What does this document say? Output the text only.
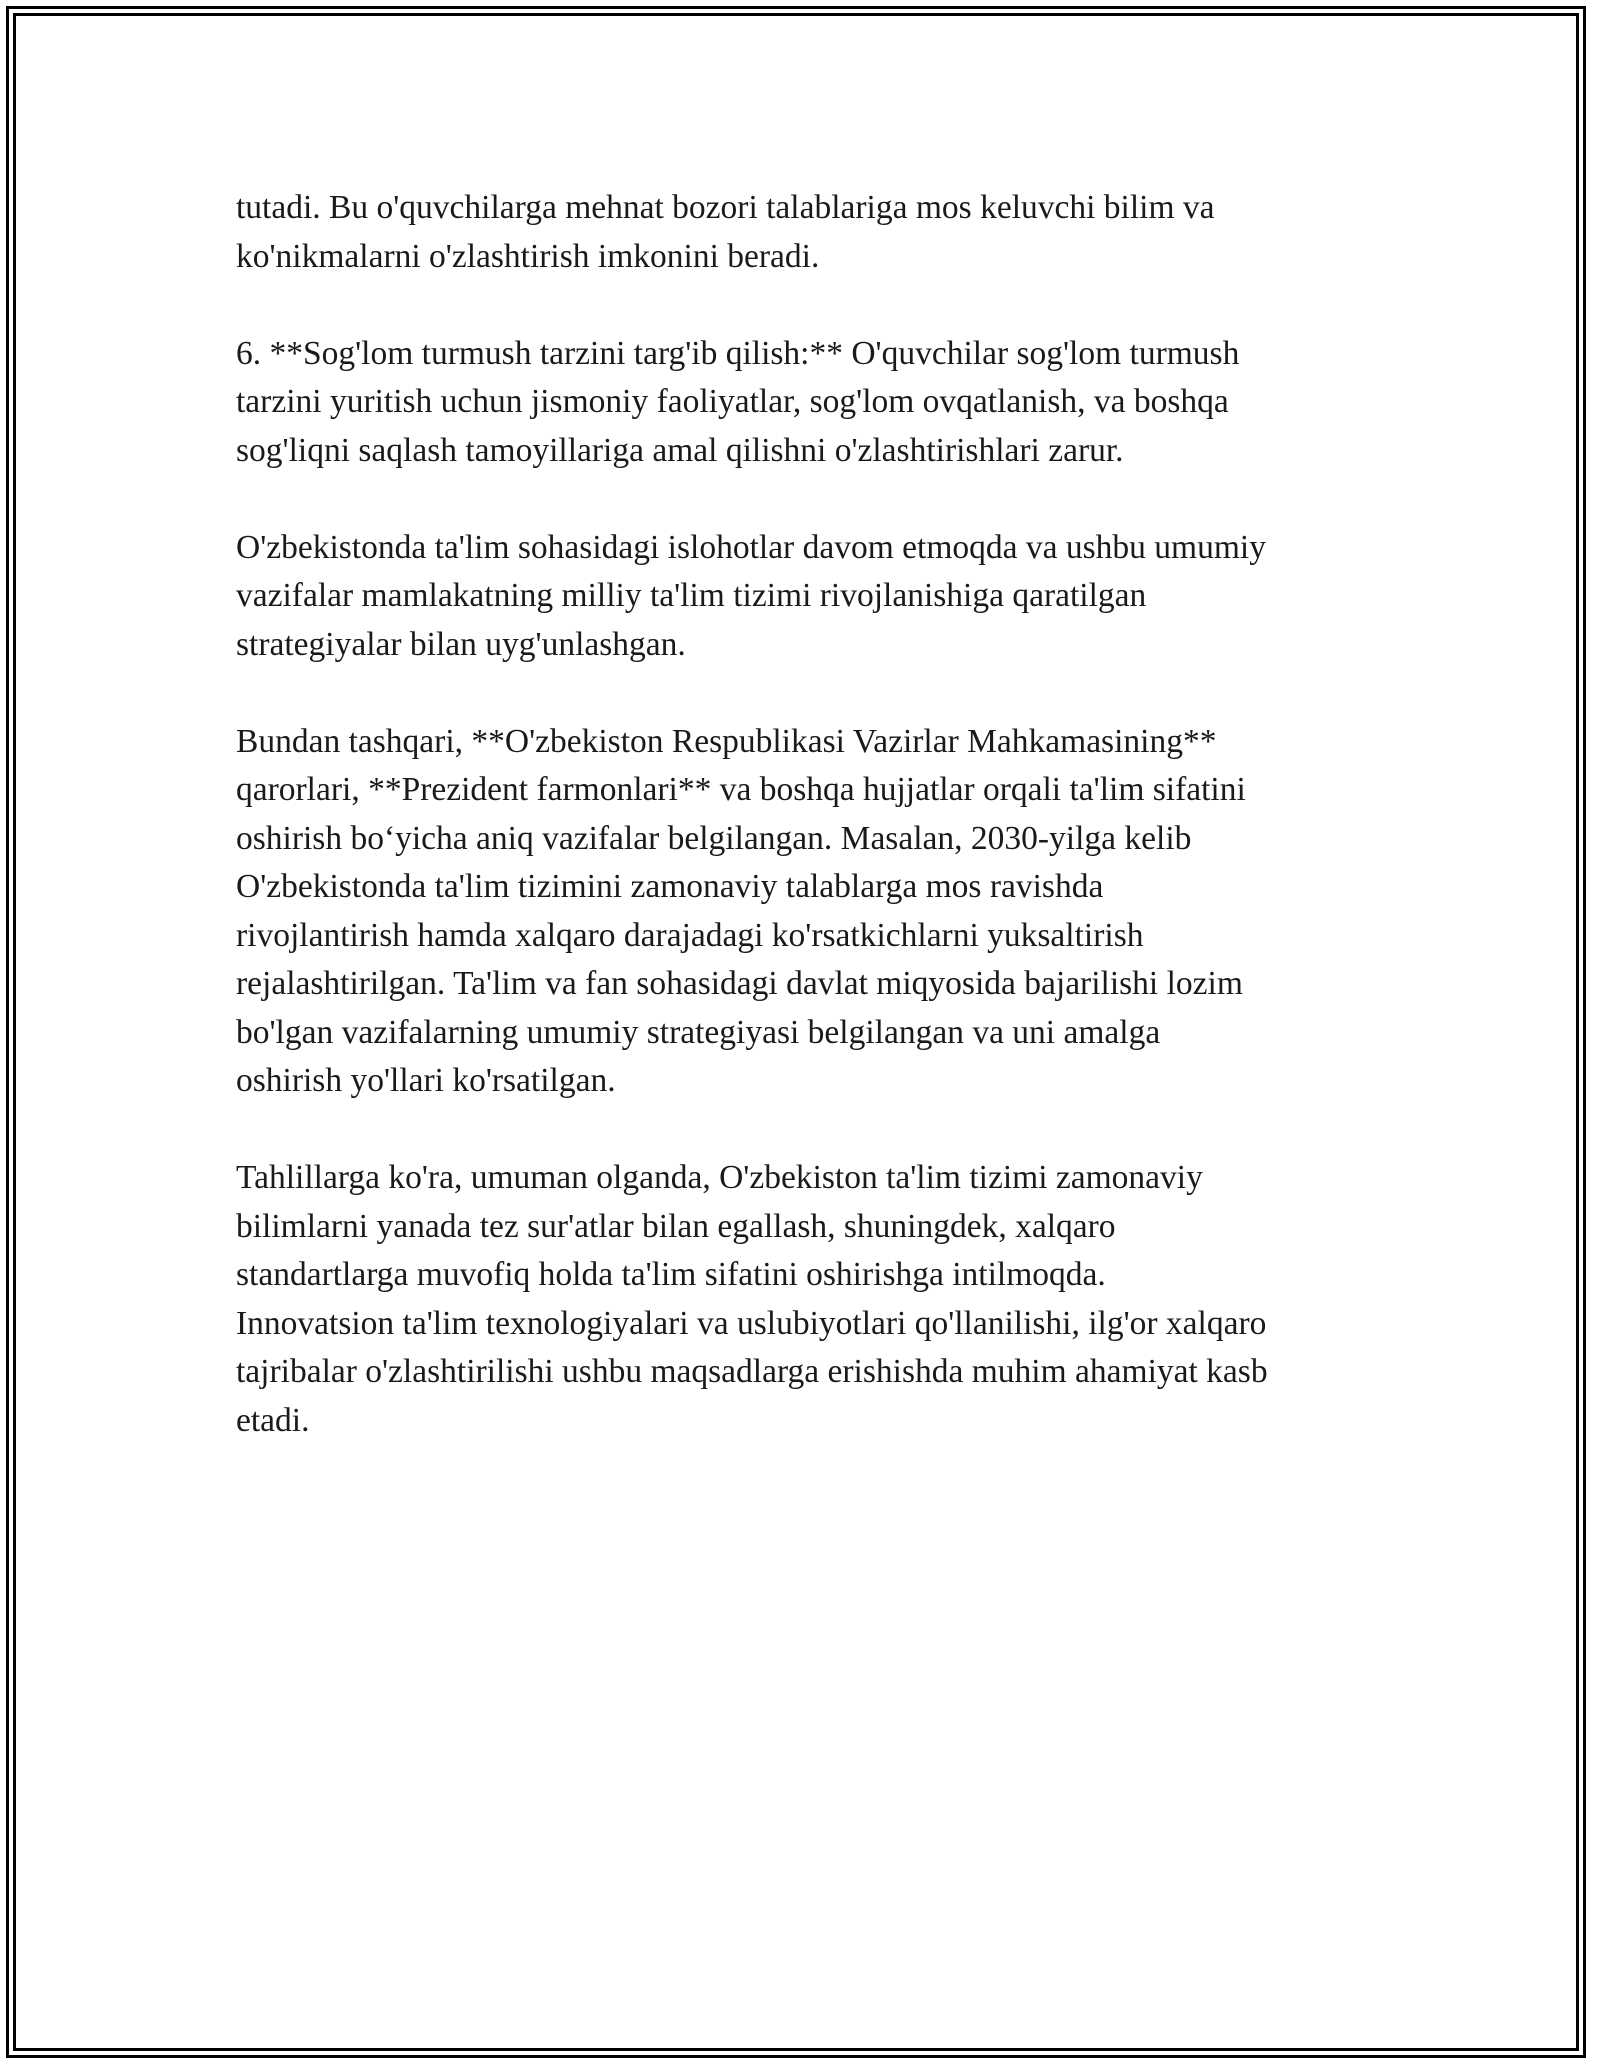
tutadi. Bu o'quvchilarga mehnat bozori talablariga mos keluvchi bilim va
ko'nikmalarni o'zlashtirish imkonini beradi.

6. **Sog'lom turmush tarzini targ'ib qilish:** O'quvchilar sog'lom turmush
tarzini yuritish uchun jismoniy faoliyatlar, sog'lom ovqatlanish, va boshqa
sog'liqni saqlash tamoyillariga amal qilishni o'zlashtirishlari zarur.

O'zbekistonda ta'lim sohasidagi islohotlar davom etmoqda va ushbu umumiy
vazifalar mamlakatning milliy ta'lim tizimi rivojlanishiga qaratilgan
strategiyalar bilan uyg'unlashgan.

Bundan tashqari, **O'zbekiston Respublikasi Vazirlar Mahkamasining**
qarorlari, **Prezident farmonlari** va boshqa hujjatlar orqali ta'lim sifatini
oshirish bo‘yicha aniq vazifalar belgilangan. Masalan, 2030-yilga kelib
O'zbekistonda ta'lim tizimini zamonaviy talablarga mos ravishda
rivojlantirish hamda xalqaro darajadagi ko'rsatkichlarni yuksaltirish
rejalashtirilgan. Ta'lim va fan sohasidagi davlat miqyosida bajarilishi lozim
bo'lgan vazifalarning umumiy strategiyasi belgilangan va uni amalga
oshirish yo'llari ko'rsatilgan.

Tahlillarga ko'ra, umuman olganda, O'zbekiston ta'lim tizimi zamonaviy
bilimlarni yanada tez sur'atlar bilan egallash, shuningdek, xalqaro
standartlarga muvofiq holda ta'lim sifatini oshirishga intilmoqda.
Innovatsion ta'lim texnologiyalari va uslubiyotlari qo'llanilishi, ilg'or xalqaro
tajribalar o'zlashtirilishi ushbu maqsadlarga erishishda muhim ahamiyat kasb
etadi.
